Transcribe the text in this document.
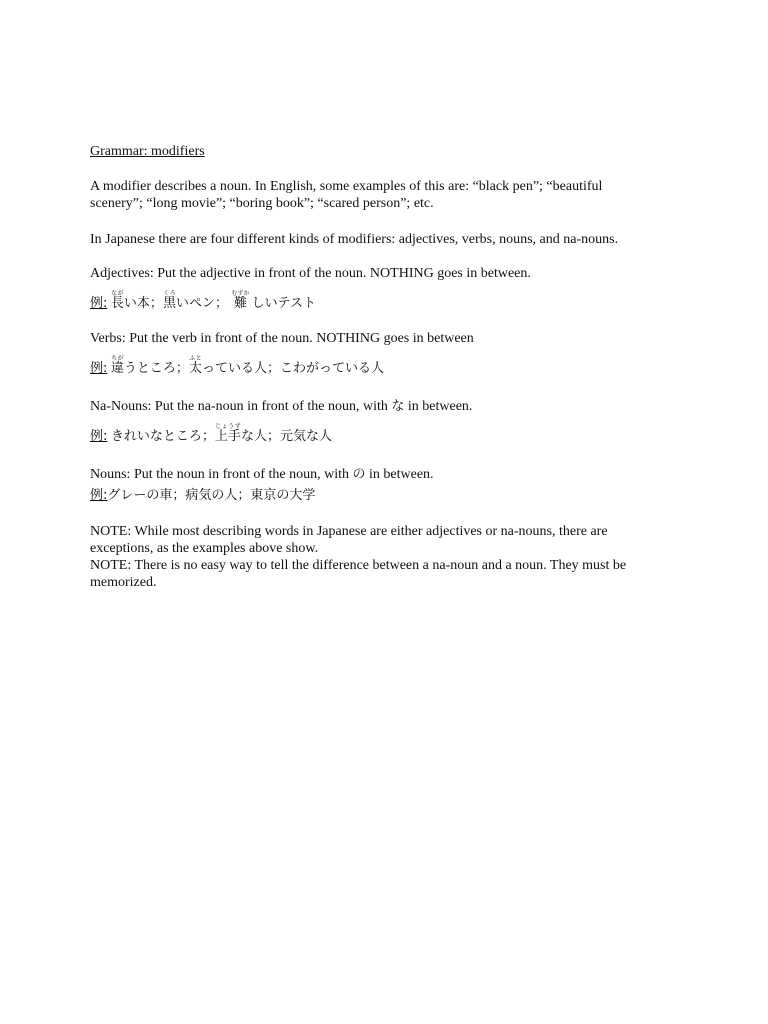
Grammar: modifiers
A modifier describes a noun. In English, some examples of this are: “black pen”; “beautiful
scenery”; “long movie”; “boring book”; “scared person”; etc.
In Japanese there are four different kinds of modifiers: adjectives, verbs, nouns, and na-nouns.
Adjectives: Put the adjective in front of the noun. NOTHING goes in between.
例: 長ながい本；黒くろいペン； 難むずか しいテスト
Verbs: Put the verb in front of the noun. NOTHING goes in between
例: 違ちがうところ；太ふとっている人；こわがっている人
Na-Nouns: Put the na-noun in front of the noun, with な in between.
例: きれいなところ；上手じょうずな人；元気な人
Nouns: Put the noun in front of the noun, with の in between.
例:グレーの車；病気の人；東京の大学
NOTE: While most describing words in Japanese are either adjectives or na-nouns, there are
exceptions, as the examples above show.
NOTE: There is no easy way to tell the difference between a na-noun and a noun. They must be
memorized.
